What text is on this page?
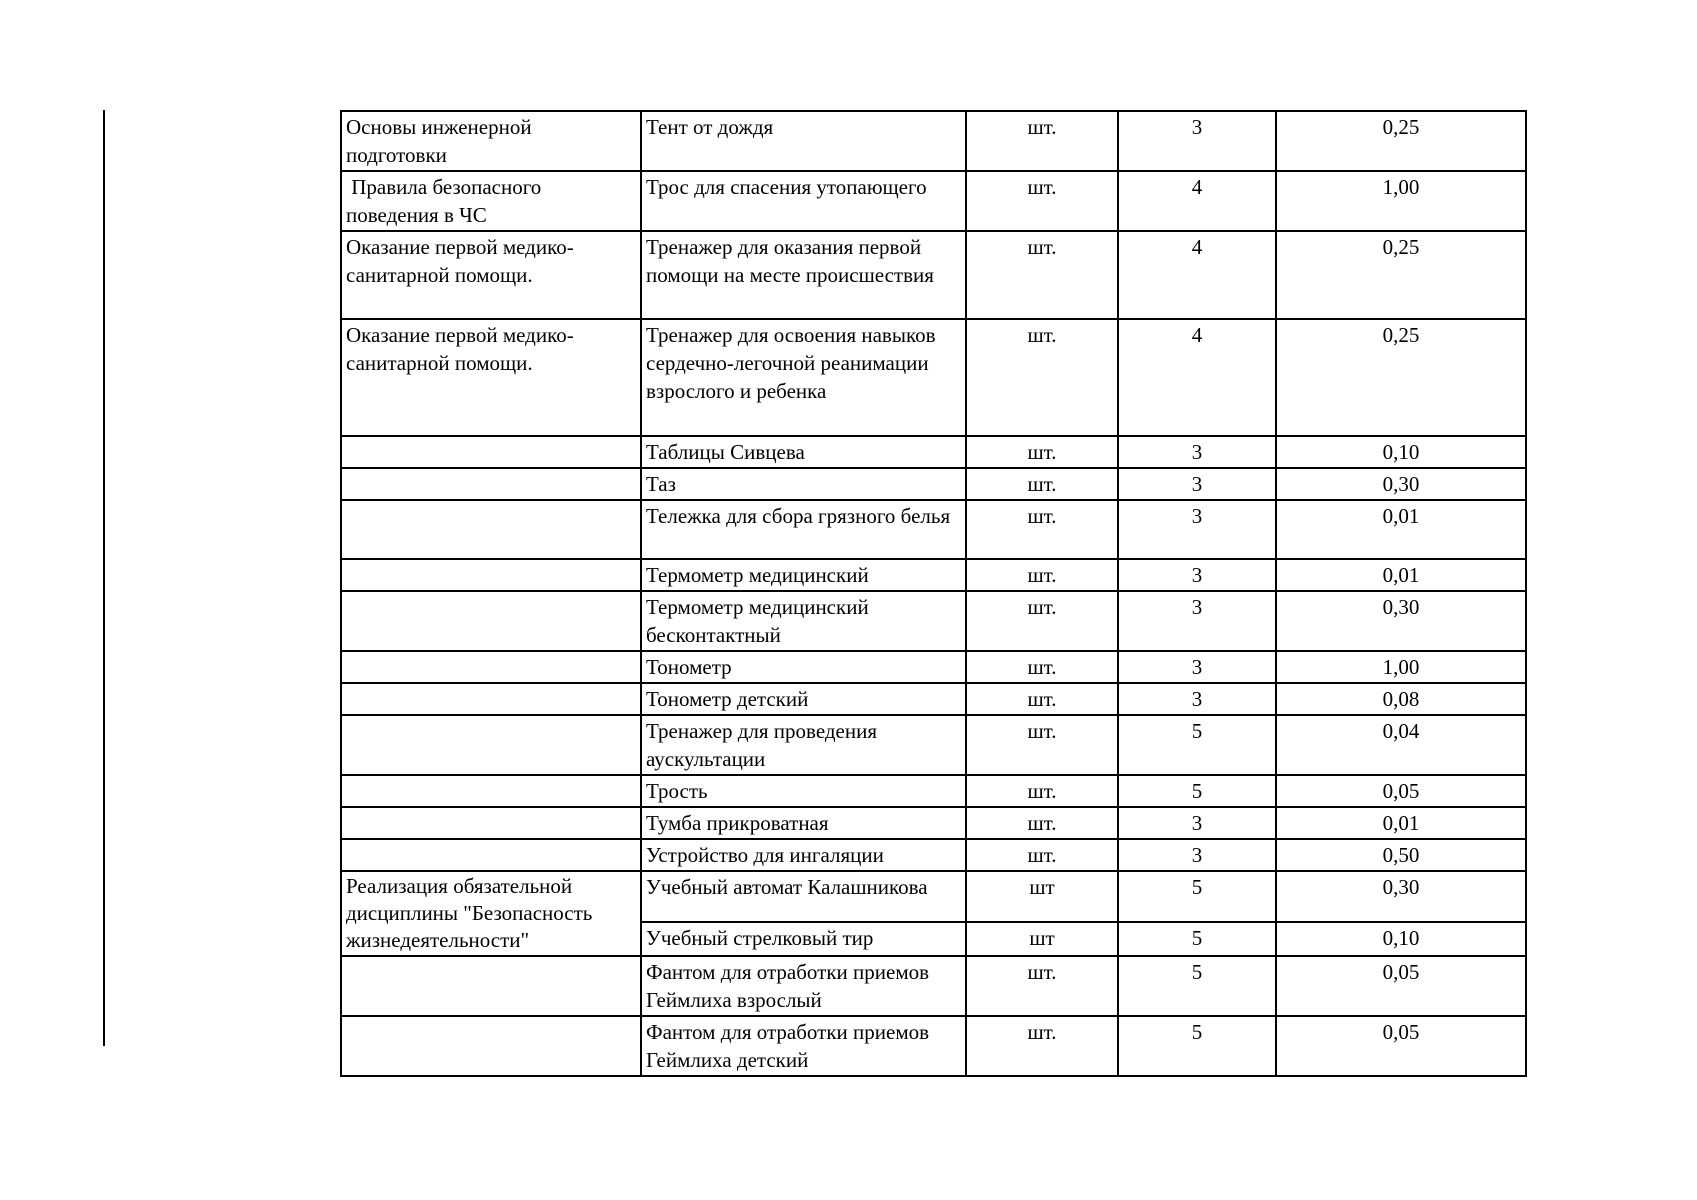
Основы инженерной подготовки	Тент от дождя	шт.	3	0,25
Правила безопасного поведения в ЧС	Трос для спасения утопающего	шт.	4	1,00
Оказание первой медико-санитарной помощи.	Тренажер для оказания первой помощи на месте происшествия	шт.	4	0,25
Оказание первой медико-санитарной помощи.	Тренажер для освоения навыков сердечно-легочной реанимации взрослого и ребенка	шт.	4	0,25
	Таблицы Сивцева	шт.	3	0,10
	Таз	шт.	3	0,30
	Тележка для сбора грязного белья	шт.	3	0,01
	Термометр медицинский	шт.	3	0,01
	Термометр медицинский бесконтактный	шт.	3	0,30
	Тонометр	шт.	3	1,00
	Тонометр детский	шт.	3	0,08
	Тренажер для проведения аускультации	шт.	5	0,04
	Трость	шт.	5	0,05
	Тумба прикроватная	шт.	3	0,01
	Устройство для ингаляции	шт.	3	0,50
Реализация обязательной дисциплины "Безопасность жизнедеятельности"	Учебный автомат Калашникова	шт	5	0,30
	Учебный стрелковый тир	шт	5	0,10
	Фантом для отработки приемов Геймлиха взрослый	шт.	5	0,05
	Фантом для отработки приемов Геймлиха детский	шт.	5	0,05
